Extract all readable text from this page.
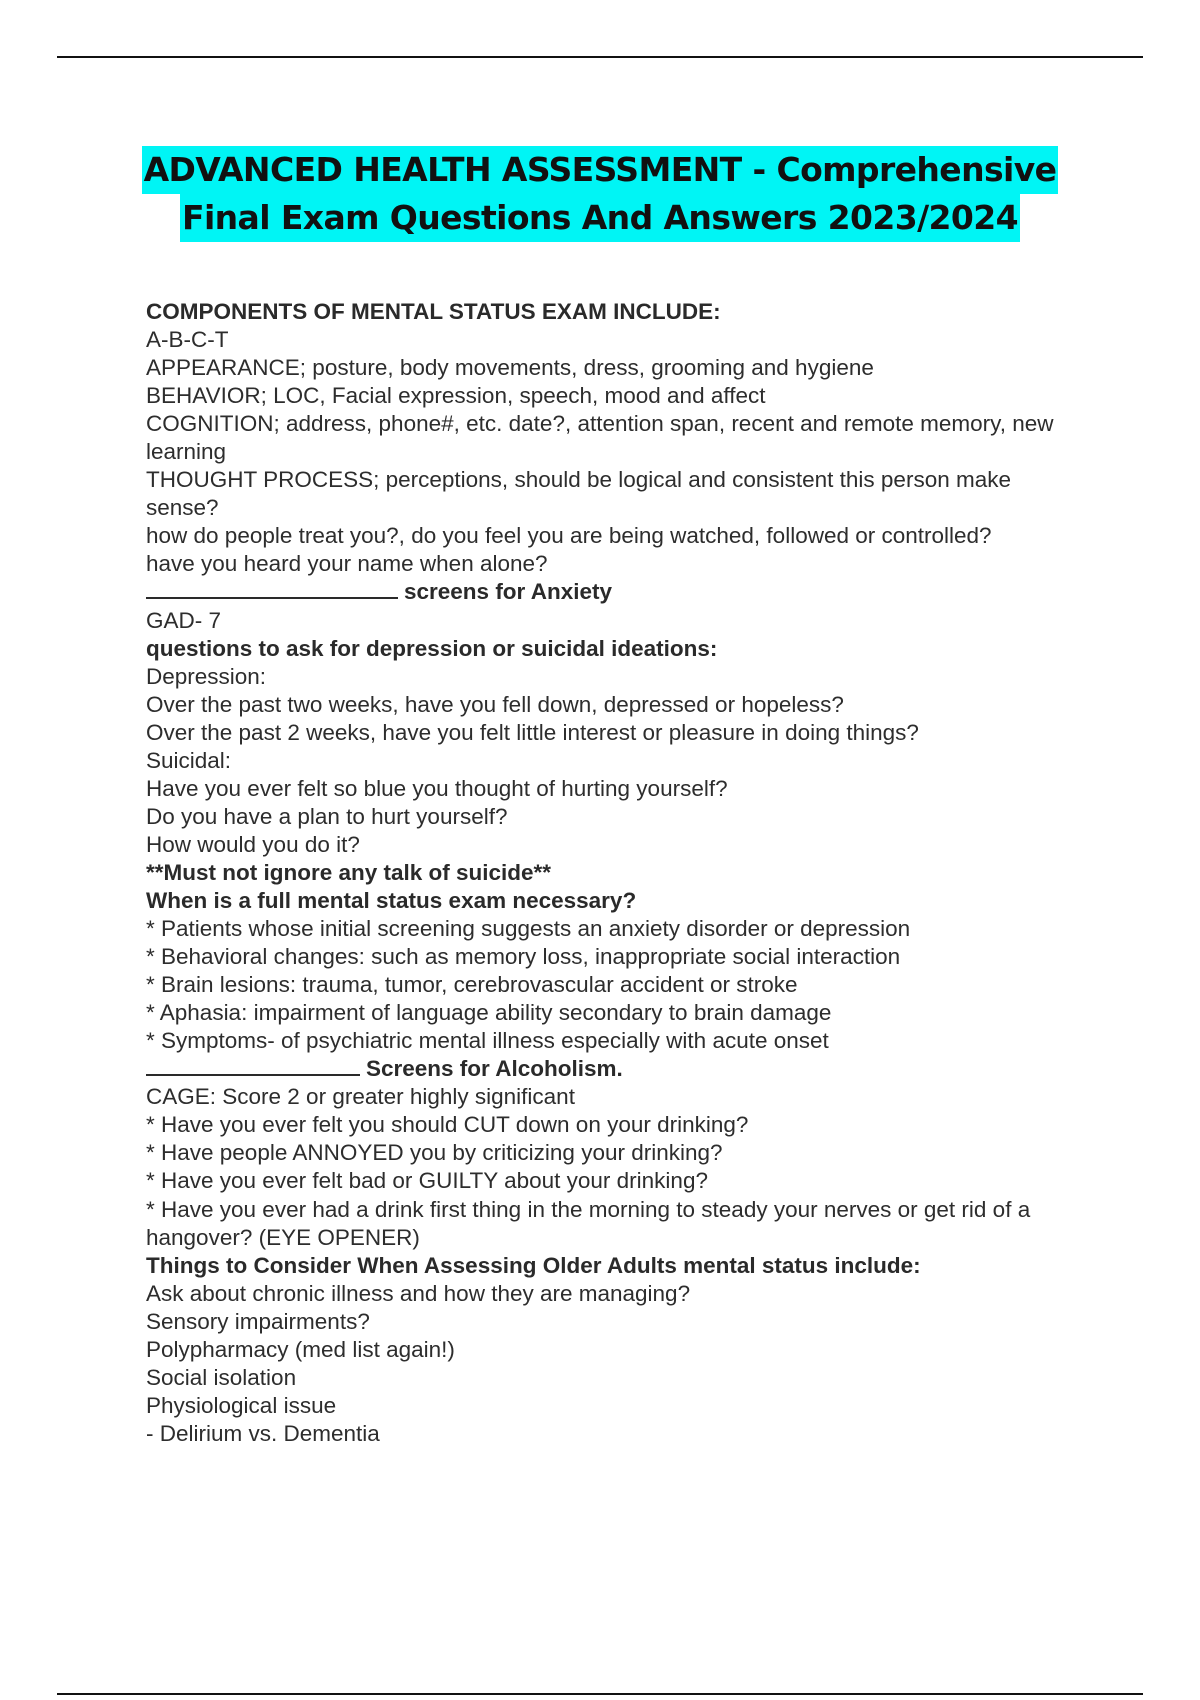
ADVANCED HEALTH ASSESSMENT - Comprehensive
Final Exam Questions And Answers 2023/2024
COMPONENTS OF MENTAL STATUS EXAM INCLUDE:
A-B-C-T
APPEARANCE; posture, body movements, dress, grooming and hygiene
BEHAVIOR; LOC, Facial expression, speech, mood and affect
COGNITION; address, phone#, etc. date?, attention span, recent and remote memory, new learning
THOUGHT PROCESS; perceptions, should be logical and consistent this person make sense?
how do people treat you?, do you feel you are being watched, followed or controlled?
have you heard your name when alone?
screens for Anxiety
GAD- 7
questions to ask for depression or suicidal ideations:
Depression:
Over the past two weeks, have you fell down, depressed or hopeless?
Over the past 2 weeks, have you felt little interest or pleasure in doing things?
Suicidal:
Have you ever felt so blue you thought of hurting yourself?
Do you have a plan to hurt yourself?
How would you do it?
**Must not ignore any talk of suicide**
When is a full mental status exam necessary?
* Patients whose initial screening suggests an anxiety disorder or depression
* Behavioral changes: such as memory loss, inappropriate social interaction
* Brain lesions: trauma, tumor, cerebrovascular accident or stroke
* Aphasia: impairment of language ability secondary to brain damage
* Symptoms- of psychiatric mental illness especially with acute onset
Screens for Alcoholism.
CAGE: Score 2 or greater highly significant
* Have you ever felt you should CUT down on your drinking?
* Have people ANNOYED you by criticizing your drinking?
* Have you ever felt bad or GUILTY about your drinking?
* Have you ever had a drink first thing in the morning to steady your nerves or get rid of a hangover? (EYE OPENER)
Things to Consider When Assessing Older Adults mental status include:
Ask about chronic illness and how they are managing?
Sensory impairments?
Polypharmacy (med list again!)
Social isolation
Physiological issue
- Delirium vs. Dementia
